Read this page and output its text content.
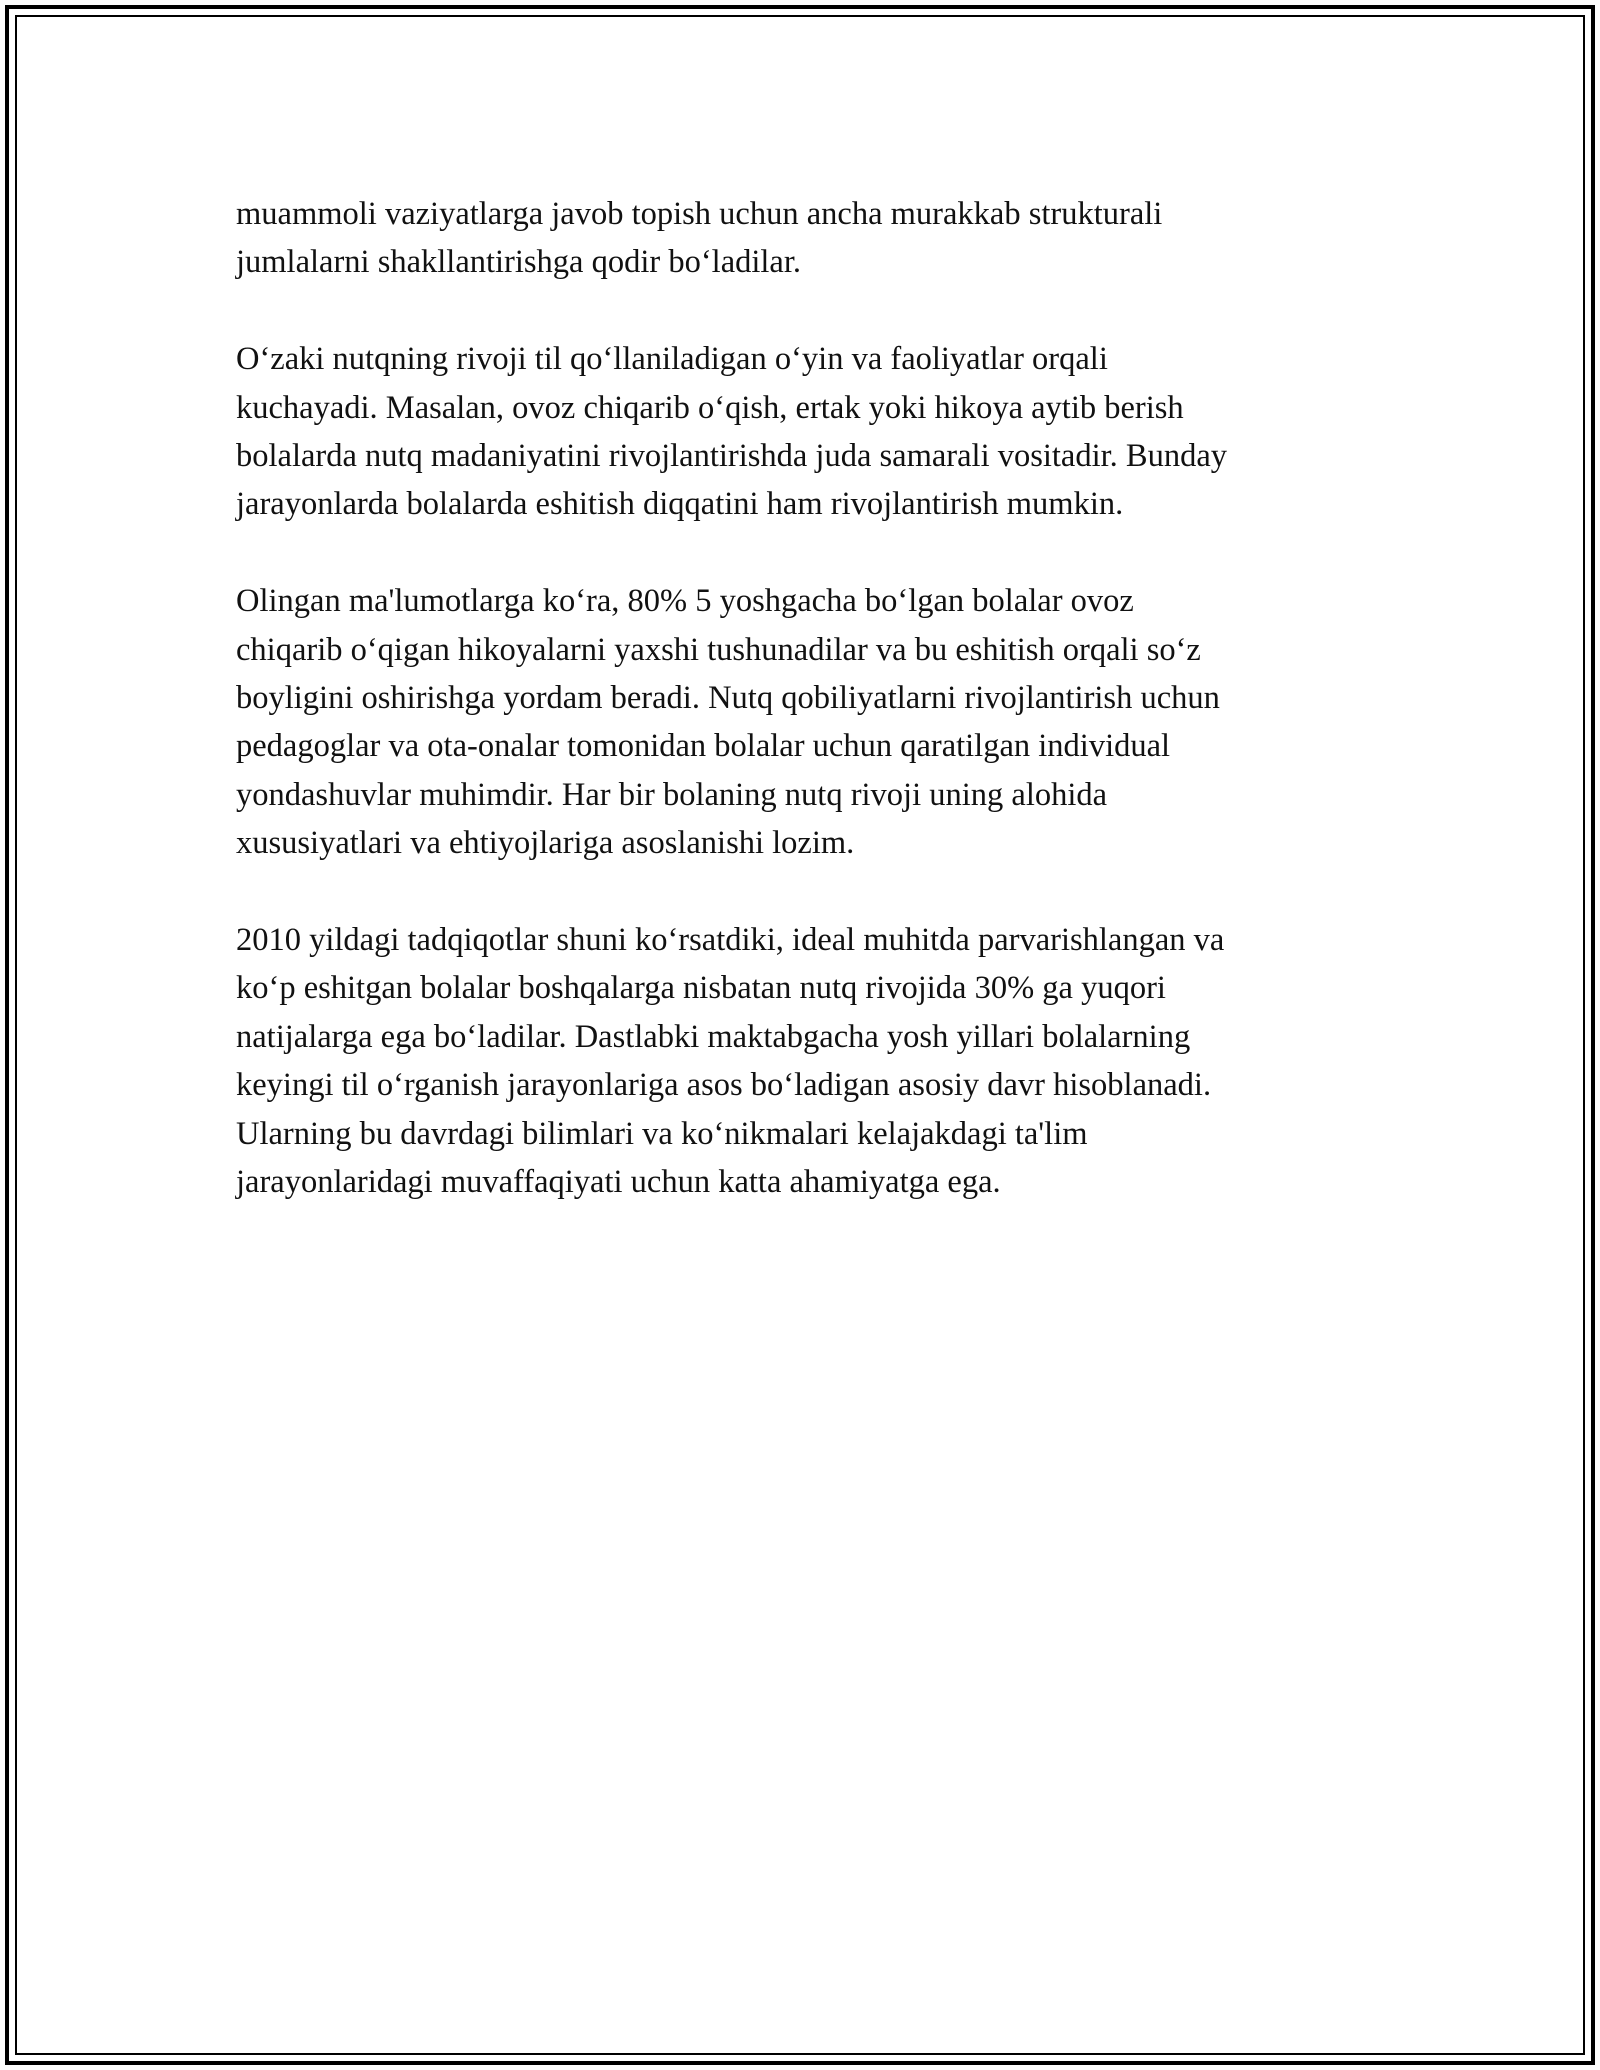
muammoli vaziyatlarga javob topish uchun ancha murakkab strukturali
jumlalarni shakllantirishga qodir bo‘ladilar.

O‘zaki nutqning rivoji til qo‘llaniladigan o‘yin va faoliyatlar orqali
kuchayadi. Masalan, ovoz chiqarib o‘qish, ertak yoki hikoya aytib berish
bolalarda nutq madaniyatini rivojlantirishda juda samarali vositadir. Bunday
jarayonlarda bolalarda eshitish diqqatini ham rivojlantirish mumkin.

Olingan ma'lumotlarga ko‘ra, 80% 5 yoshgacha bo‘lgan bolalar ovoz
chiqarib o‘qigan hikoyalarni yaxshi tushunadilar va bu eshitish orqali so‘z
boyligini oshirishga yordam beradi. Nutq qobiliyatlarni rivojlantirish uchun
pedagoglar va ota-onalar tomonidan bolalar uchun qaratilgan individual
yondashuvlar muhimdir. Har bir bolaning nutq rivoji uning alohida
xususiyatlari va ehtiyojlariga asoslanishi lozim.

2010 yildagi tadqiqotlar shuni ko‘rsatdiki, ideal muhitda parvarishlangan va
ko‘p eshitgan bolalar boshqalarga nisbatan nutq rivojida 30% ga yuqori
natijalarga ega bo‘ladilar. Dastlabki maktabgacha yosh yillari bolalarning
keyingi til o‘rganish jarayonlariga asos bo‘ladigan asosiy davr hisoblanadi.
Ularning bu davrdagi bilimlari va ko‘nikmalari kelajakdagi ta'lim
jarayonlaridagi muvaffaqiyati uchun katta ahamiyatga ega.
